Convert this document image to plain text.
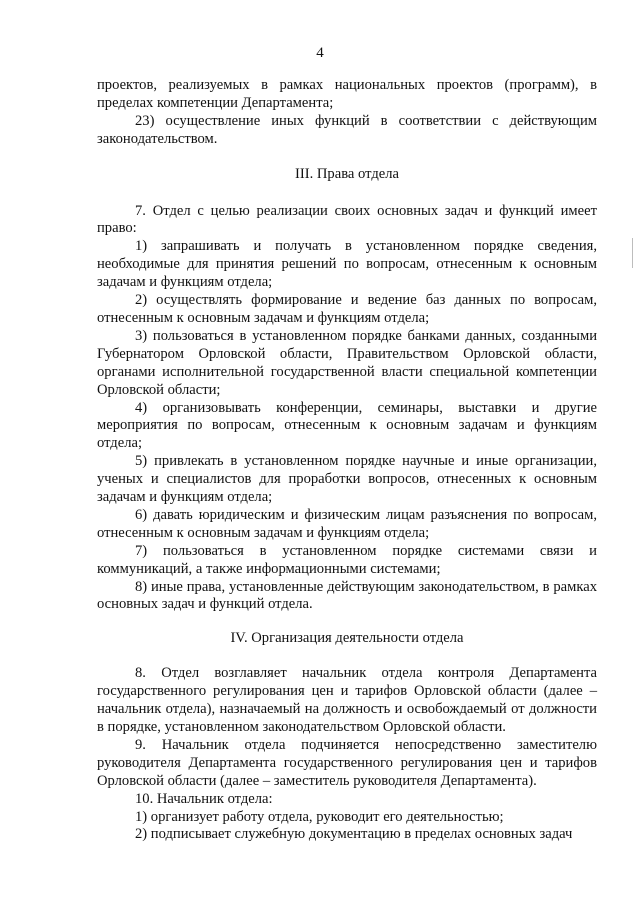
4

проектов, реализуемых в рамках национальных проектов (программ), в пределах компетенции Департамента;

23) осуществление иных функций в соответствии с действующим законодательством.

III. Права отдела

7. Отдел с целью реализации своих основных задач и функций имеет право:

1) запрашивать и получать в установленном порядке сведения, необходимые для принятия решений по вопросам, отнесенным к основным задачам и функциям отдела;

2) осуществлять формирование и ведение баз данных по вопросам, отнесенным к основным задачам и функциям отдела;

3) пользоваться в установленном порядке банками данных, созданными Губернатором Орловской области, Правительством Орловской области, органами исполнительной государственной власти специальной компетенции Орловской области;

4) организовывать конференции, семинары, выставки и другие мероприятия по вопросам, отнесенным к основным задачам и функциям отдела;

5) привлекать в установленном порядке научные и иные организации, ученых и специалистов для проработки вопросов, отнесенных к основным задачам и функциям отдела;

6) давать юридическим и физическим лицам разъяснения по вопросам, отнесенным к основным задачам и функциям отдела;

7) пользоваться в установленном порядке системами связи и коммуникаций, а также информационными системами;

8) иные права, установленные действующим законодательством, в рамках основных задач и функций отдела.

IV. Организация деятельности отдела

8. Отдел возглавляет начальник отдела контроля Департамента государственного регулирования цен и тарифов Орловской области (далее – начальник отдела), назначаемый на должность и освобождаемый от должности в порядке, установленном законодательством Орловской области.

9. Начальник отдела подчиняется непосредственно заместителю руководителя Департамента государственного регулирования цен и тарифов Орловской области (далее – заместитель руководителя Департамента).

10. Начальник отдела:

1) организует работу отдела, руководит его деятельностью;

2) подписывает служебную документацию в пределах основных задач
